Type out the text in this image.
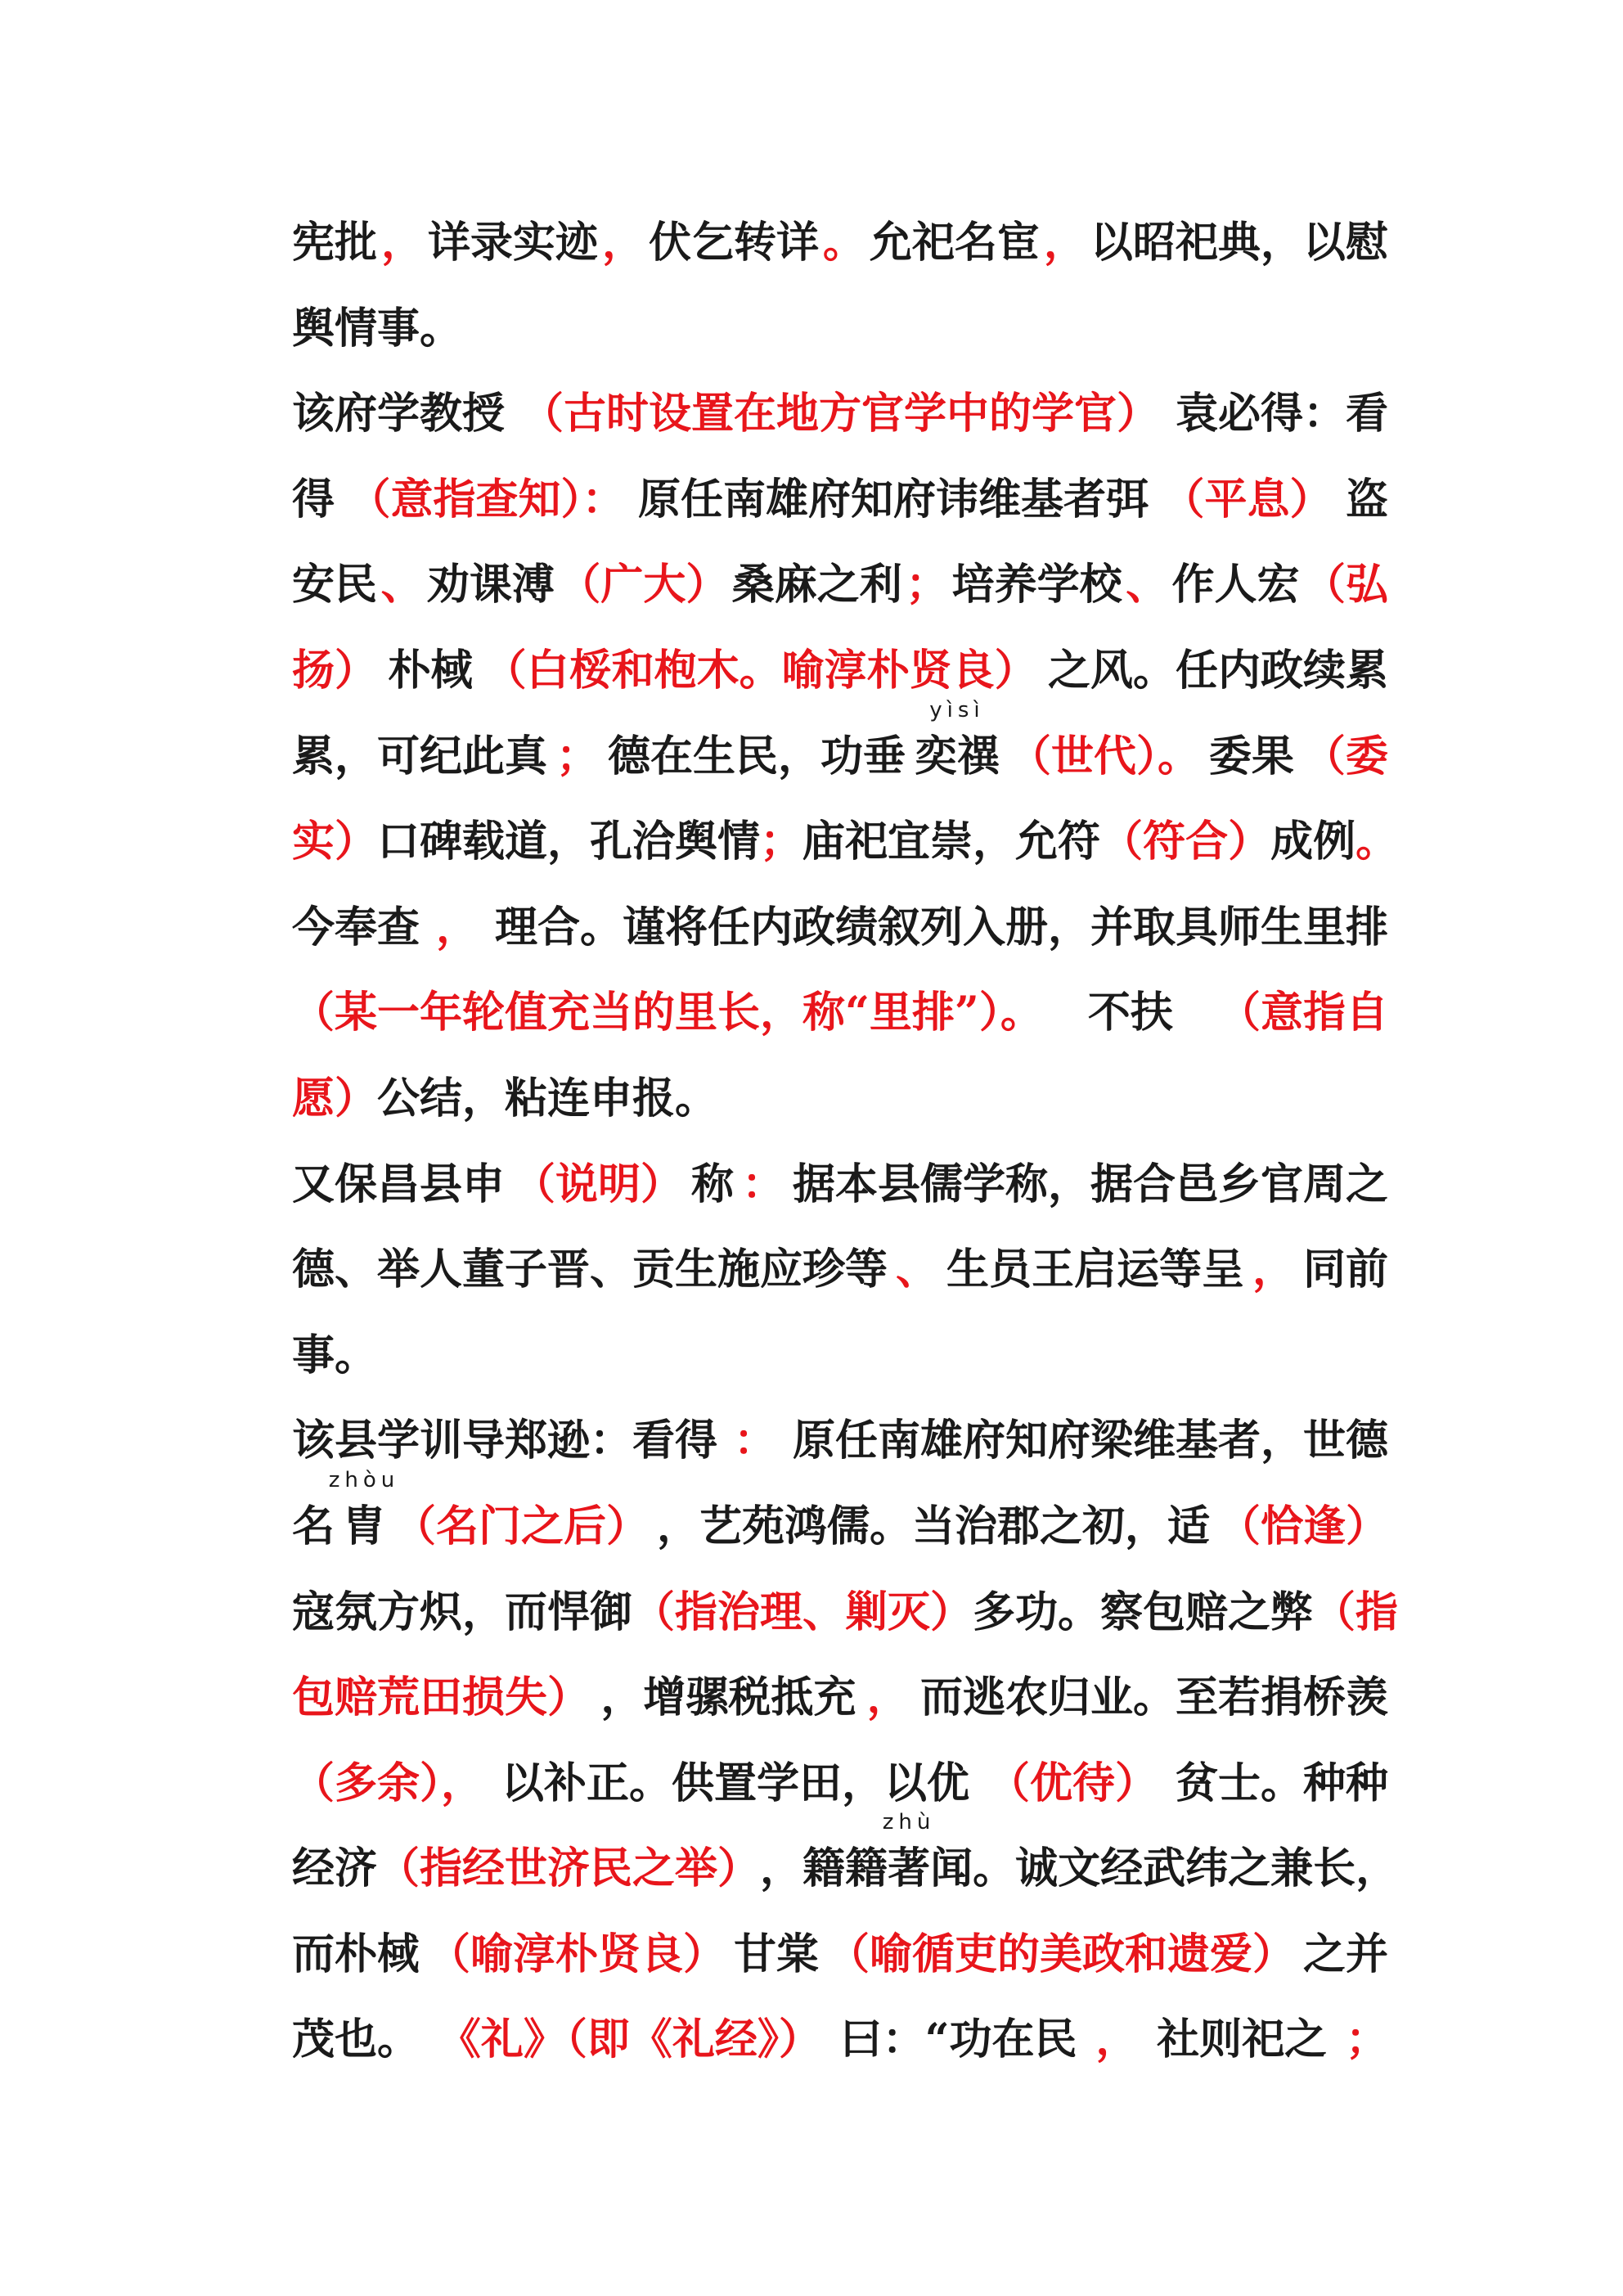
宪批 ， 详录实迹 ， 伏乞转详 。 允祀名宦 ， 以昭祀典，以慰
舆情事。
该府学教授 （古时设置在地方官学中的学官） 袁必得：看
得 （意指查知）： 原任南雄府知府讳维基者弭 （平息） 盗
安民 、 劝课溥 （广大） 桑麻之利 ； 培养学校 、 作人宏 （弘
扬） 朴棫 （白桵和枹木。喻淳朴贤良） 之风。任内政续累
累，可纪此真 ； 德在生民，功垂 奕禩
yìsì
（世代）。 委果 （委
实） 口碑载道，孔洽舆情 ； 庙祀宜崇，允符 （符合） 成例 。
今奉查 ， 理合。谨将任内政绩叙列入册，并取具师生里排
（某一年轮值充当的里长，称“里排”）。 不扶 （意指自
愿） 公结，粘连申报。
又保昌县申 （说明） 称 ： 据本县儒学称，据合邑乡官周之
德、举人董子晋、贡生施应珍等 、 生员王启运等呈 ， 同前
事。
该县学训导郑逊：看得 ： 原任南雄府知府梁维基者，世德
名 胄
zhòu
（名门之后） ，艺苑鸿儒。当治郡之初，适 （恰逢）
寇氛方炽，而悍御 （指治理、剿灭） 多功。察包赔之弊 （指
包赔荒田损失） ，增骡税抵充 ， 而逃农归业。至若捐桥羡
（多余）， 以补正。供置学田，以优 （优待） 贫士。种种
经济 （指经世济民之举） ，籍籍 著
zhù
闻。诚文经武纬之兼长，
而朴棫 （喻淳朴贤良） 甘棠 （喻循吏的美政和遗爱） 之并
茂也。 《礼》（即《礼经》） 曰：“功在民 ， 社则祀之 ；
